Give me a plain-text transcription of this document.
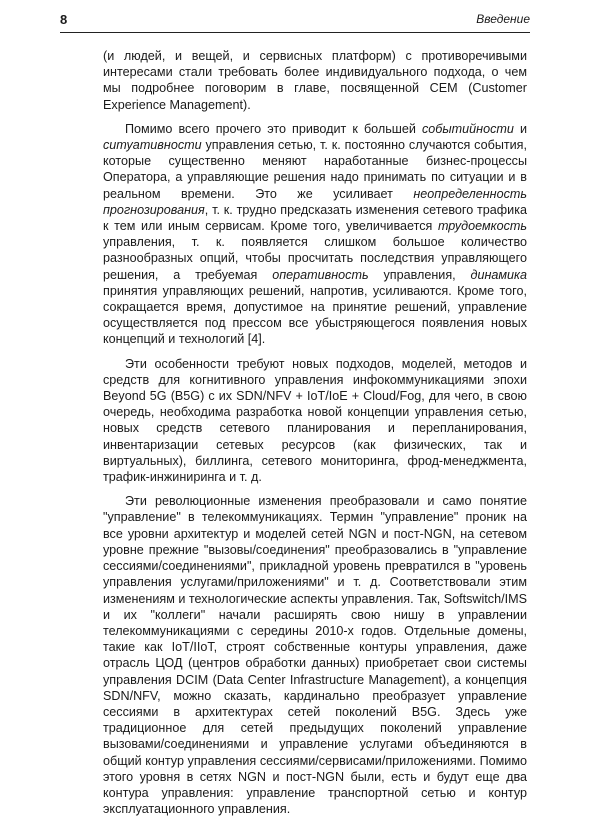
8	Введение

(и людей, и вещей, и сервисных платформ) с противоречивыми интересами стали требовать более индивидуального подхода, о чем мы подробнее поговорим в главе, посвященной CEM (Customer Experience Management).

Помимо всего прочего это приводит к большей событийности и ситуативности управления сетью, т. к. постоянно случаются события, которые существенно меняют наработанные бизнес-процессы Оператора, а управляющие решения надо принимать по ситуации и в реальном времени. Это же усиливает неопределенность прогнозирования, т. к. трудно предсказать изменения сетевого трафика к тем или иным сервисам. Кроме того, увеличивается трудоемкость управления, т. к. появляется слишком большое количество разнообразных опций, чтобы просчитать последствия управляющего решения, а требуемая оперативность управления, динамика принятия управляющих решений, напротив, усиливаются. Кроме того, сокращается время, допустимое на принятие решений, управление осуществляется под прессом все убыстряющегося появления новых концепций и технологий [4].

Эти особенности требуют новых подходов, моделей, методов и средств для когнитивного управления инфокоммуникациями эпохи Beyond 5G (B5G) с их SDN/NFV + IoT/IoE + Cloud/Fog, для чего, в свою очередь, необходима разработка новой концепции управления сетью, новых средств сетевого планирования и перепланирования, инвентаризации сетевых ресурсов (как физических, так и виртуальных), биллинга, сетевого мониторинга, фрод-менеджмента, трафик-инжиниринга и т. д.

Эти революционные изменения преобразовали и само понятие "управление" в телекоммуникациях. Термин "управление" проник на все уровни архитектур и моделей сетей NGN и пост-NGN, на сетевом уровне прежние "вызовы/соединения" преобразовались в "управление сессиями/соединениями", прикладной уровень превратился в "уровень управления услугами/приложениями" и т. д. Соответствовали этим изменениям и технологические аспекты управления. Так, Softswitch/IMS и их "коллеги" начали расширять свою нишу в управлении телекоммуникациями с середины 2010-х годов. Отдельные домены, такие как IoT/IIoT, строят собственные контуры управления, даже отрасль ЦОД (центров обработки данных) приобретает свои системы управления DCIM (Data Center Infrastructure Management), а концепция SDN/NFV, можно сказать, кардинально преобразует управление сессиями в архитектурах сетей поколений B5G. Здесь уже традиционное для сетей предыдущих поколений управление вызовами/соединениями и управление услугами объединяются в общий контур управления сессиями/сервисами/приложениями. Помимо этого уровня в сетях NGN и пост-NGN были, есть и будут еще два контура управления: управление транспортной сетью и контур эксплуатационного управления.
